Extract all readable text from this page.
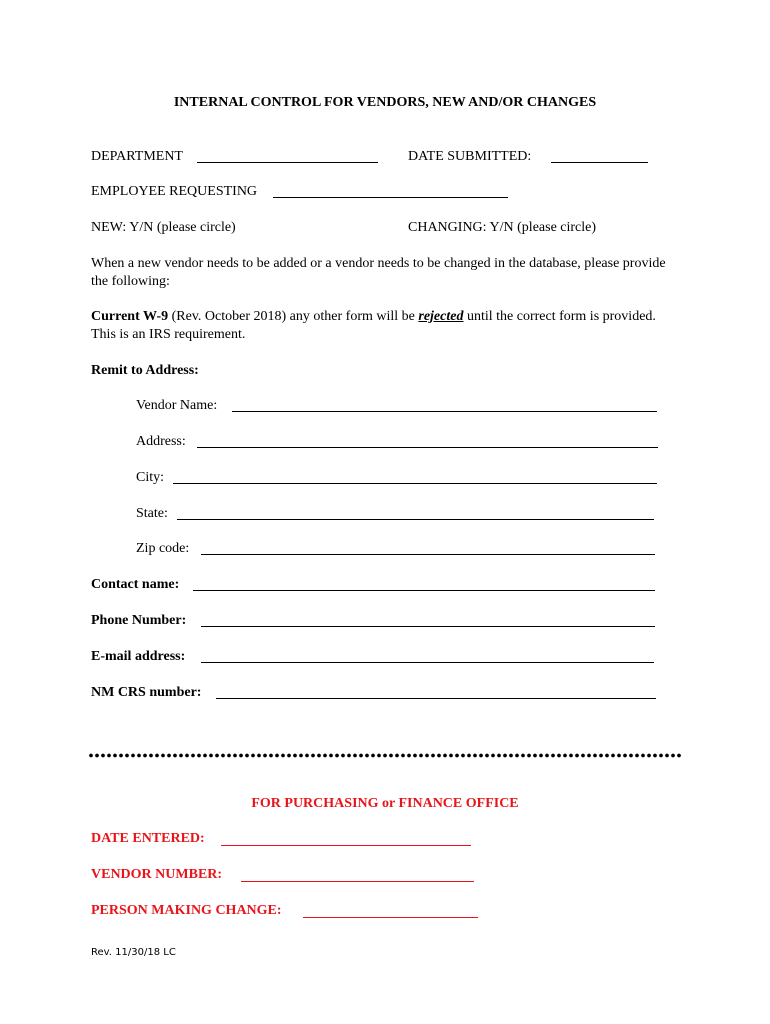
INTERNAL CONTROL FOR VENDORS, NEW AND/OR CHANGES
DEPARTMENT	DATE SUBMITTED:
EMPLOYEE REQUESTING
NEW: Y/N (please circle)	CHANGING: Y/N (please circle)
When a new vendor needs to be added or a vendor needs to be changed in the database, please provide the following:
Current W-9 (Rev. October 2018) any other form will be rejected until the correct form is provided. This is an IRS requirement.
Remit to Address:
Vendor Name:
Address:
City:
State:
Zip code:
Contact name:
Phone Number:
E-mail address:
NM CRS number:
FOR PURCHASING or FINANCE OFFICE
DATE ENTERED:
VENDOR NUMBER:
PERSON MAKING CHANGE:
Rev. 11/30/18 LC
